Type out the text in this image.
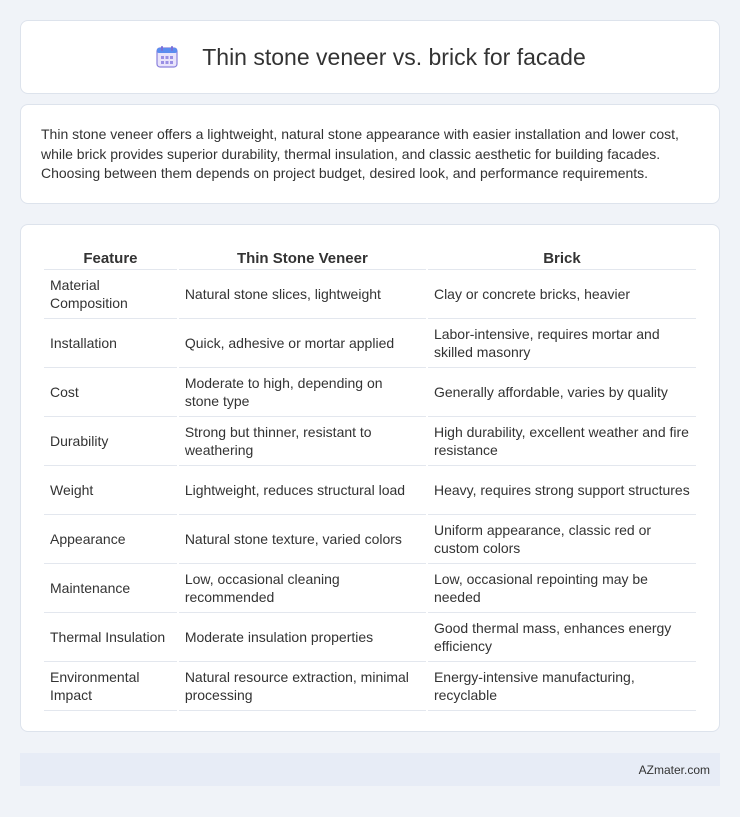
Thin stone veneer vs. brick for facade

Thin stone veneer offers a lightweight, natural stone appearance with easier installation and lower cost, while brick provides superior durability, thermal insulation, and classic aesthetic for building facades. Choosing between them depends on project budget, desired look, and performance requirements.

Feature	Thin Stone Veneer	Brick
Material Composition	Natural stone slices, lightweight	Clay or concrete bricks, heavier
Installation	Quick, adhesive or mortar applied	Labor-intensive, requires mortar and skilled masonry
Cost	Moderate to high, depending on stone type	Generally affordable, varies by quality
Durability	Strong but thinner, resistant to weathering	High durability, excellent weather and fire resistance
Weight	Lightweight, reduces structural load	Heavy, requires strong support structures
Appearance	Natural stone texture, varied colors	Uniform appearance, classic red or custom colors
Maintenance	Low, occasional cleaning recommended	Low, occasional repointing may be needed
Thermal Insulation	Moderate insulation properties	Good thermal mass, enhances energy efficiency
Environmental Impact	Natural resource extraction, minimal processing	Energy-intensive manufacturing, recyclable
AZmater.com
